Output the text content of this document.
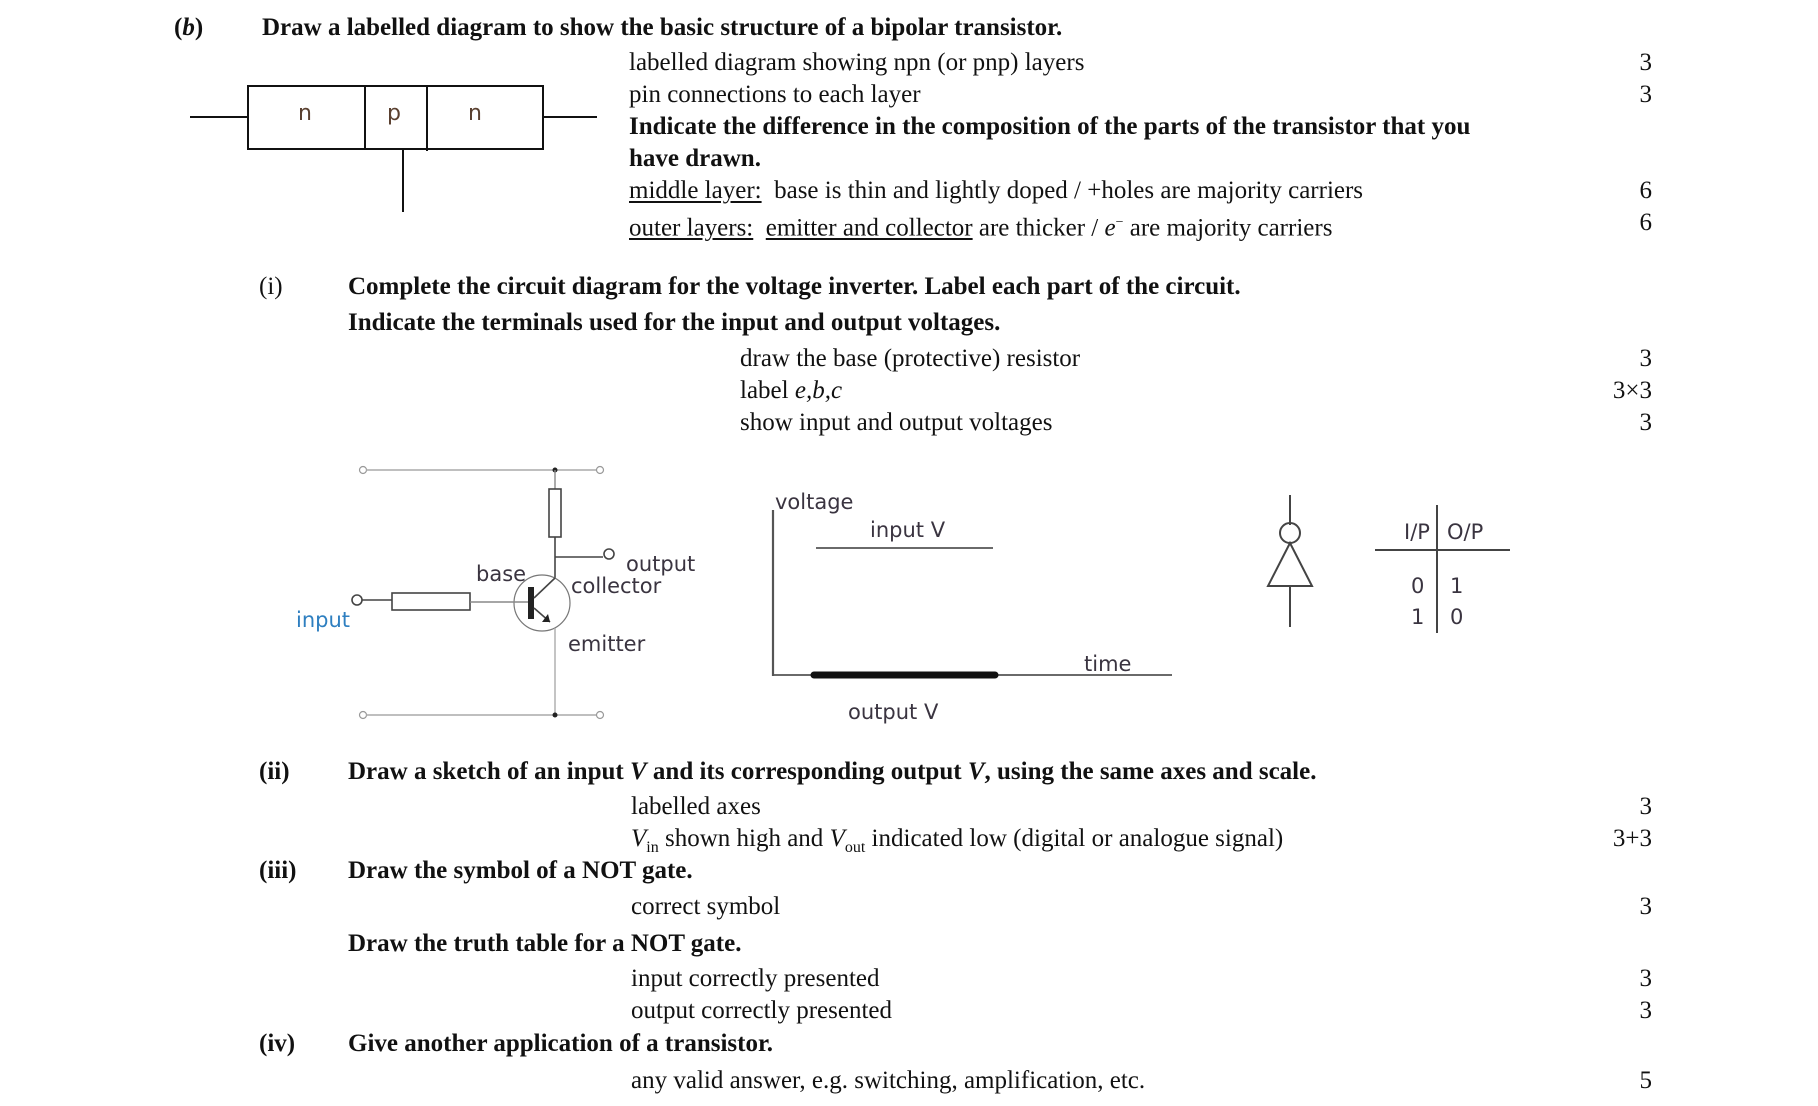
(b) Draw a labelled diagram to show the basic structure of a bipolar transistor.
n	p	n
labelled diagram showing npn (or pnp) layers	3
pin connections to each layer	3
Indicate the difference in the composition of the parts of the transistor that you
have drawn.
middle layer: base is thin and lightly doped / +holes are majority carriers	6
outer layers: emitter and collector are thicker / e− are majority carriers	6
(i)	Complete the circuit diagram for the voltage inverter. Label each part of the circuit.
Indicate the terminals used for the input and output voltages.
draw the base (protective) resistor	3
label e,b,c	3×3
show input and output voltages	3
input
base	output
collector
emitter
voltage
input V
time
output V
I/P O/P
0 1
1 0
(ii) Draw a sketch of an input V and its corresponding output V, using the same axes and scale.
labelled axes	3
$V_{in}$ shown high and $V_{out}$ indicated low (digital or analogue signal)	3+3
(iii) Draw the symbol of a NOT gate.
correct symbol	3
Draw the truth table for a NOT gate.
input correctly presented	3
output correctly presented	3
(iv) Give another application of a transistor.
any valid answer, e.g. switching, amplification, etc.	5
